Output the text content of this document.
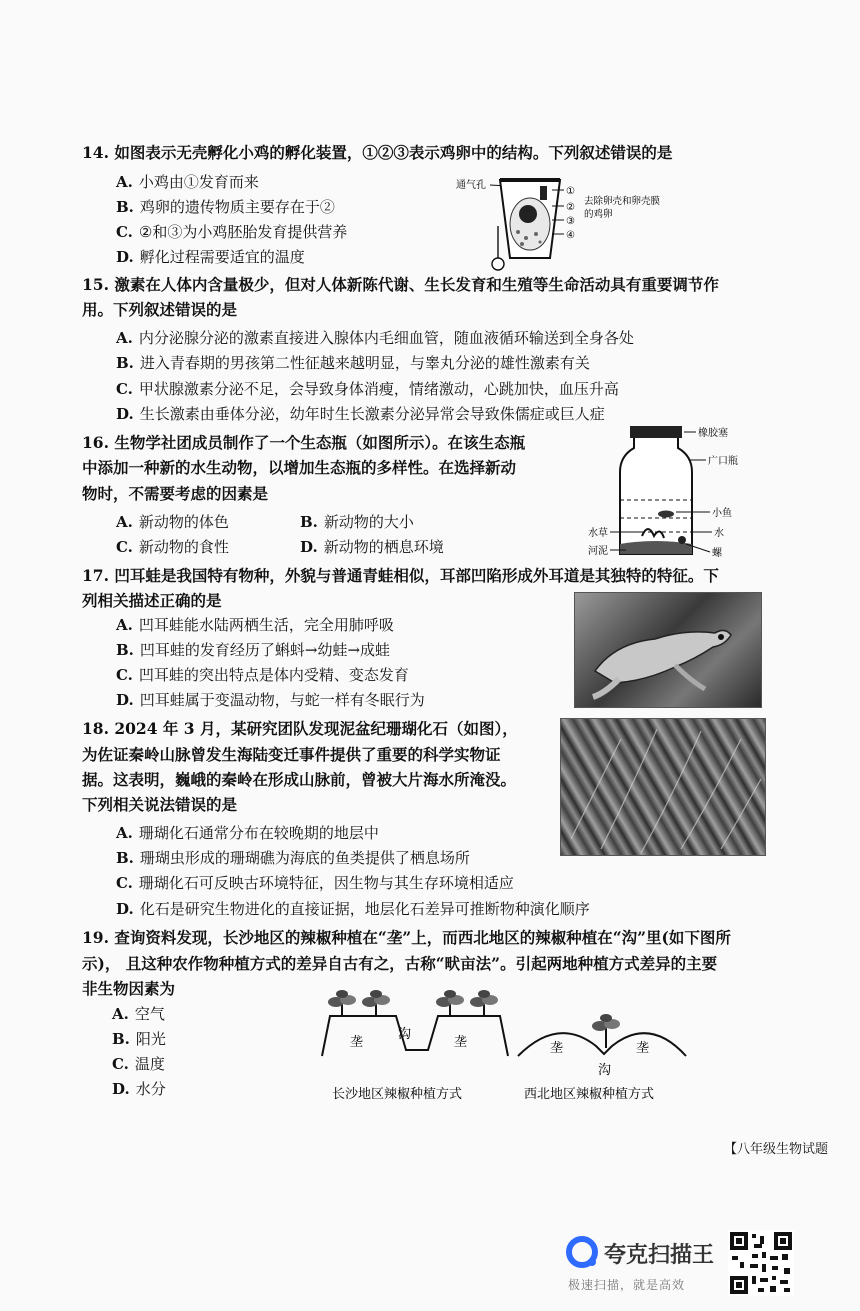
14. 如图表示无壳孵化小鸡的孵化装置，①②③表示鸡卵中的结构。下列叙述错误的是
A. 小鸡由①发育而来
B. 鸡卵的遗传物质主要存在于②
C. ②和③为小鸡胚胎发育提供营养
D. 孵化过程需要适宜的温度
通气孔
①
②
③
④
去除卵壳和卵壳膜
的鸡卵
15. 激素在人体内含量极少，但对人体新陈代谢、生长发育和生殖等生命活动具有重要调节作
用。下列叙述错误的是
A. 内分泌腺分泌的激素直接进入腺体内毛细血管，随血液循环输送到全身各处
B. 进入青春期的男孩第二性征越来越明显，与睾丸分泌的雄性激素有关
C. 甲状腺激素分泌不足，会导致身体消瘦，情绪激动，心跳加快，血压升高
D. 生长激素由垂体分泌，幼年时生长激素分泌异常会导致侏儒症或巨人症
16. 生物学社团成员制作了一个生态瓶（如图所示）。在该生态瓶
中添加一种新的水生动物，以增加生态瓶的多样性。在选择新动
物时，不需要考虑的因素是
A. 新动物的体色	B. 新动物的大小
C. 新动物的食性	D. 新动物的栖息环境
橡胶塞
广口瓶
小鱼
水
螺
水草
河泥
17. 凹耳蛙是我国特有物种，外貌与普通青蛙相似，耳部凹陷形成外耳道是其独特的特征。下
列相关描述正确的是
A. 凹耳蛙能水陆两栖生活，完全用肺呼吸
B. 凹耳蛙的发育经历了蝌蚪→幼蛙→成蛙
C. 凹耳蛙的突出特点是体内受精、变态发育
D. 凹耳蛙属于变温动物，与蛇一样有冬眠行为
18. 2024 年 3 月，某研究团队发现泥盆纪珊瑚化石（如图），
为佐证秦岭山脉曾发生海陆变迁事件提供了重要的科学实物证
据。这表明，巍峨的秦岭在形成山脉前，曾被大片海水所淹没。
下列相关说法错误的是
A. 珊瑚化石通常分布在较晚期的地层中
B. 珊瑚虫形成的珊瑚礁为海底的鱼类提供了栖息场所
C. 珊瑚化石可反映古环境特征，因生物与其生存环境相适应
D. 化石是研究生物进化的直接证据，地层化石差异可推断物种演化顺序
19. 查询资料发现，长沙地区的辣椒种植在“垄”上，而西北地区的辣椒种植在“沟”里(如下图所
示)， 且这种农作物种植方式的差异自古有之，古称“畎亩法”。引起两地种植方式差异的主要
非生物因素为
A. 空气
B. 阳光
C. 温度
D. 水分
垄
沟
垄
长沙地区辣椒种植方式
垄	垄
沟
西北地区辣椒种植方式
【八年级生物试题
夸克扫描王
极速扫描，就是高效
